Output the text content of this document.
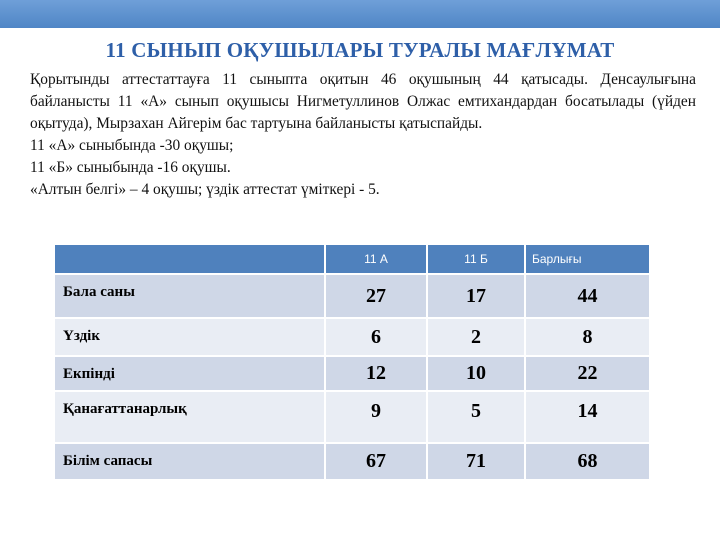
11 СЫНЫП ОҚУШЫЛАРЫ ТУРАЛЫ МАҒЛҰМАТ

Қорытынды аттестаттауға 11 сыныпта оқитын 46 оқушының 44 қатысады. Денсаулығына байланысты 11 «А» сынып оқушысы Нигметуллинов Олжас емтихандардан босатылады (үйден оқытуда), Мырзахан Айгерім бас тартуына байланысты қатыспайды.

11 «А» сыныбында -30 оқушы;

11 «Б» сыныбында -16 оқушы.

«Алтын белгі» – 4 оқушы; үздік аттестат үміткері - 5.

	11 А	11 Б	Барлығы
Бала саны	27	17	44
Үздік	6	2	8
Екпінді	12	10	22
Қанағаттанарлық	9	5	14
Білім сапасы	67	71	68
